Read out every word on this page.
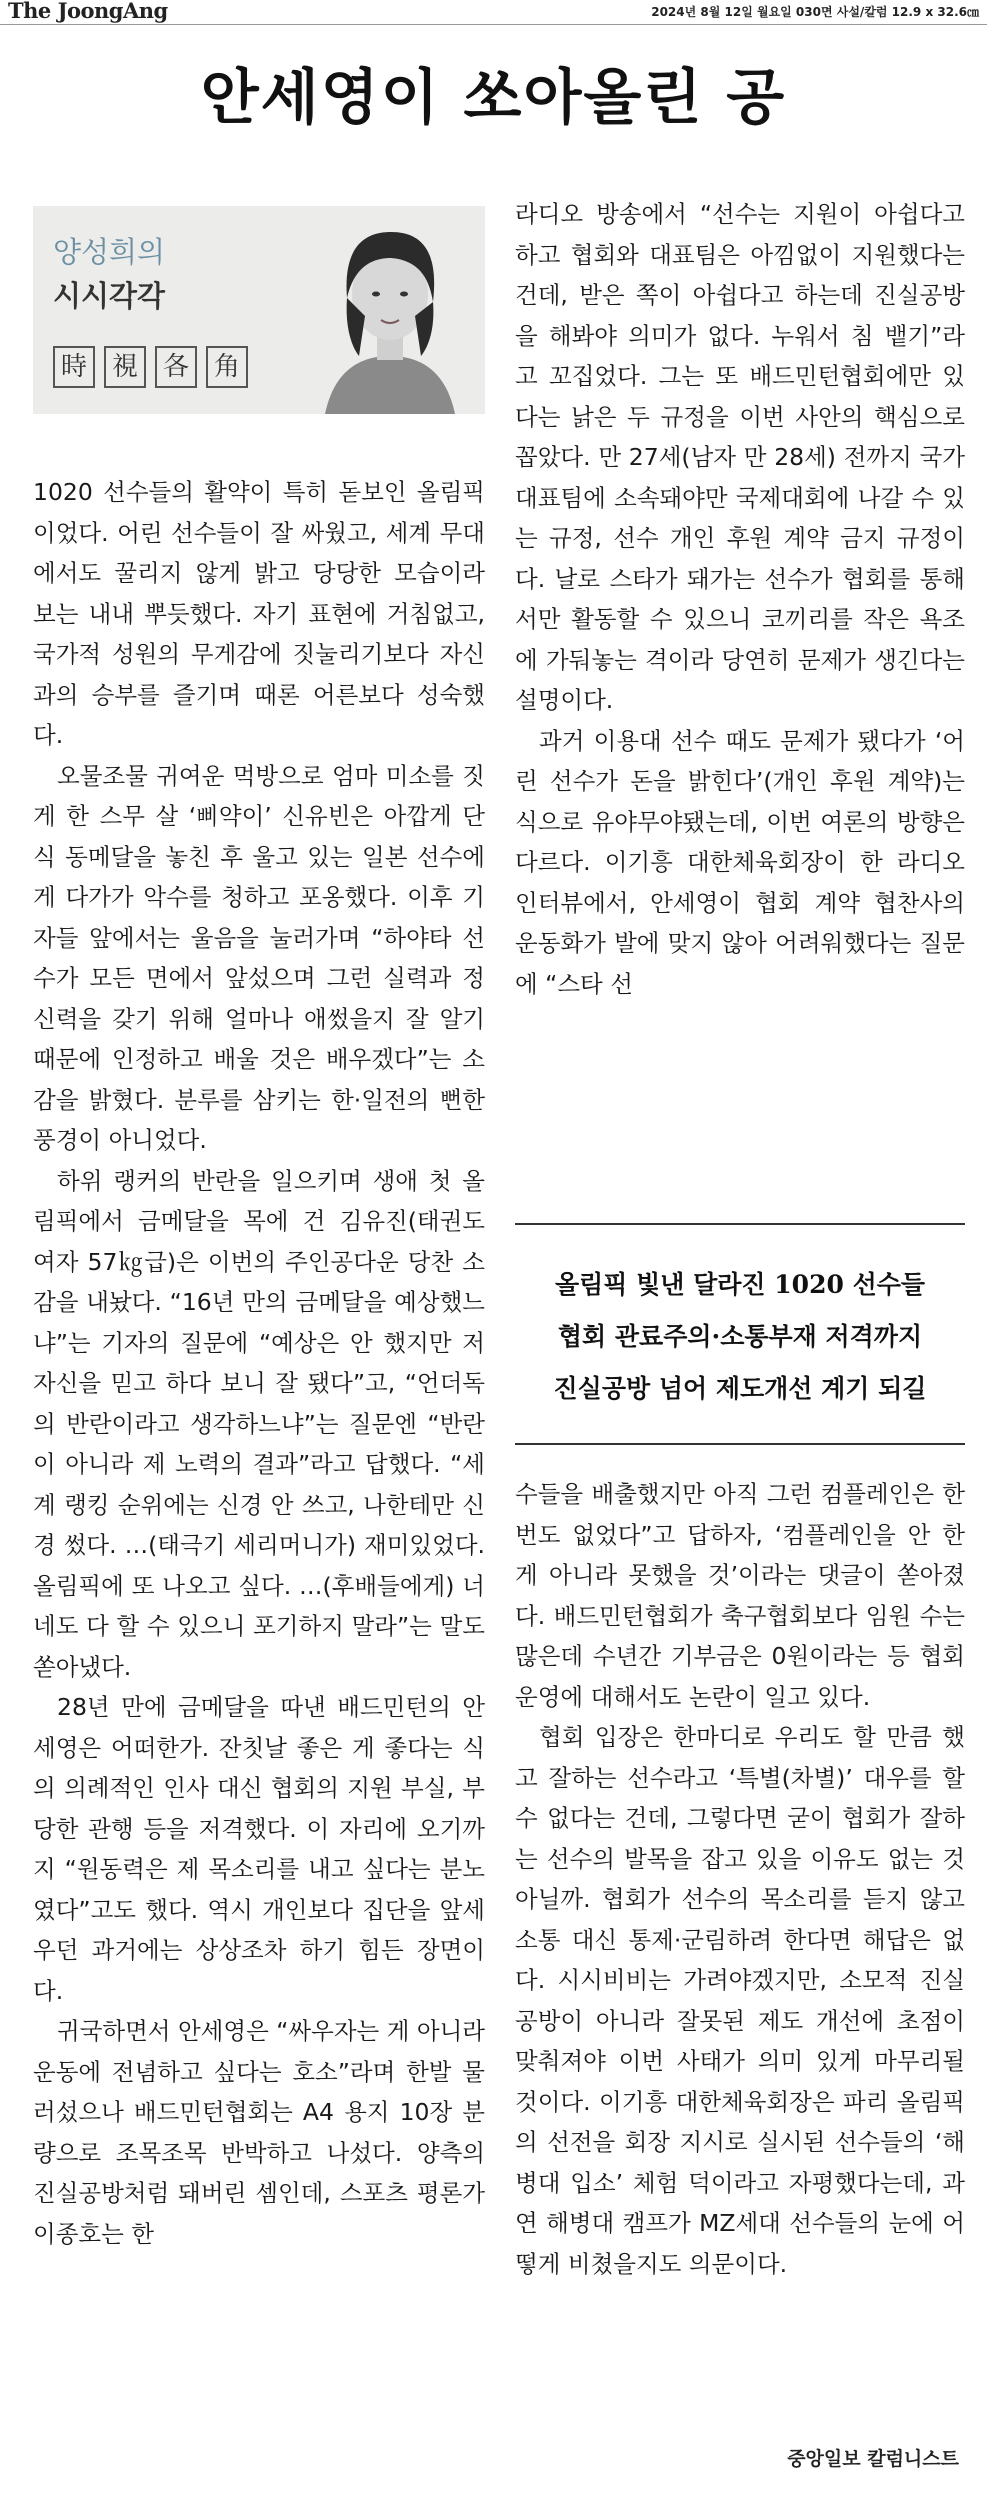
The JoongAng	2024년 8월 12일 월요일 030면 사설/칼럼 12.9 x 32.6㎝
안세영이 쏘아올린 공
양성희의
시시각각
時 視 各 角

1020 선수들의 활약이 특히 돋보인 올림픽이었다. 어린 선수들이 잘 싸웠고, 세계 무대에서도 꿀리지 않게 밝고 당당한 모습이라 보는 내내 뿌듯했다. 자기 표현에 거침없고, 국가적 성원의 무게감에 짓눌리기보다 자신과의 승부를 즐기며 때론 어른보다 성숙했다.

오물조물 귀여운 먹방으로 엄마 미소를 짓게 한 스무 살 ‘삐약이’ 신유빈은 아깝게 단식 동메달을 놓친 후 울고 있는 일본 선수에게 다가가 악수를 청하고 포옹했다. 이후 기자들 앞에서는 울음을 눌러가며 “하야타 선수가 모든 면에서 앞섰으며 그런 실력과 정신력을 갖기 위해 얼마나 애썼을지 잘 알기 때문에 인정하고 배울 것은 배우겠다”는 소감을 밝혔다. 분루를 삼키는 한·일전의 뻔한 풍경이 아니었다.

하위 랭커의 반란을 일으키며 생애 첫 올림픽에서 금메달을 목에 건 김유진(태권도 여자 57㎏급)은 이번의 주인공다운 당찬 소감을 내놨다. “16년 만의 금메달을 예상했느냐”는 기자의 질문에 “예상은 안 했지만 저 자신을 믿고 하다 보니 잘 됐다”고, “언더독의 반란이라고 생각하느냐”는 질문엔 “반란이 아니라 제 노력의 결과”라고 답했다. “세계 랭킹 순위에는 신경 안 쓰고, 나한테만 신경 썼다. …(태극기 세리머니가) 재미있었다. 올림픽에 또 나오고 싶다. …(후배들에게) 너네도 다 할 수 있으니 포기하지 말라”는 말도 쏟아냈다.

28년 만에 금메달을 따낸 배드민턴의 안세영은 어떠한가. 잔칫날 좋은 게 좋다는 식의 의례적인 인사 대신 협회의 지원 부실, 부당한 관행 등을 저격했다. 이 자리에 오기까지 “원동력은 제 목소리를 내고 싶다는 분노였다”고도 했다. 역시 개인보다 집단을 앞세우던 과거에는 상상조차 하기 힘든 장면이다.

귀국하면서 안세영은 “싸우자는 게 아니라 운동에 전념하고 싶다는 호소”라며 한발 물러섰으나 배드민턴협회는 A4 용지 10장 분량으로 조목조목 반박하고 나섰다. 양측의 진실공방처럼 돼버린 셈인데, 스포츠 평론가 이종호는 한

라디오 방송에서 “선수는 지원이 아쉽다고 하고 협회와 대표팀은 아낌없이 지원했다는 건데, 받은 쪽이 아쉽다고 하는데 진실공방을 해봐야 의미가 없다. 누워서 침 뱉기”라고 꼬집었다. 그는 또 배드민턴협회에만 있다는 낡은 두 규정을 이번 사안의 핵심으로 꼽았다. 만 27세(남자 만 28세) 전까지 국가대표팀에 소속돼야만 국제대회에 나갈 수 있는 규정, 선수 개인 후원 계약 금지 규정이다. 날로 스타가 돼가는 선수가 협회를 통해서만 활동할 수 있으니 코끼리를 작은 욕조에 가둬놓는 격이라 당연히 문제가 생긴다는 설명이다.

과거 이용대 선수 때도 문제가 됐다가 ‘어린 선수가 돈을 밝힌다’(개인 후원 계약)는 식으로 유야무야됐는데, 이번 여론의 방향은 다르다. 이기흥 대한체육회장이 한 라디오 인터뷰에서, 안세영이 협회 계약 협찬사의 운동화가 발에 맞지 않아 어려워했다는 질문에 “스타 선

올림픽 빛낸 달라진 1020 선수들
협회 관료주의·소통부재 저격까지
진실공방 넘어 제도개선 계기 되길

수들을 배출했지만 아직 그런 컴플레인은 한 번도 없었다”고 답하자, ‘컴플레인을 안 한 게 아니라 못했을 것’이라는 댓글이 쏟아졌다. 배드민턴협회가 축구협회보다 임원 수는 많은데 수년간 기부금은 0원이라는 등 협회 운영에 대해서도 논란이 일고 있다.

협회 입장은 한마디로 우리도 할 만큼 했고 잘하는 선수라고 ‘특별(차별)’ 대우를 할 수 없다는 건데, 그렇다면 굳이 협회가 잘하는 선수의 발목을 잡고 있을 이유도 없는 것 아닐까. 협회가 선수의 목소리를 듣지 않고 소통 대신 통제·군림하려 한다면 해답은 없다. 시시비비는 가려야겠지만, 소모적 진실공방이 아니라 잘못된 제도 개선에 초점이 맞춰져야 이번 사태가 의미 있게 마무리될 것이다. 이기흥 대한체육회장은 파리 올림픽의 선전을 회장 지시로 실시된 선수들의 ‘해병대 입소’ 체험 덕이라고 자평했다는데, 과연 해병대 캠프가 MZ세대 선수들의 눈에 어떻게 비쳤을지도 의문이다.

중앙일보 칼럼니스트
